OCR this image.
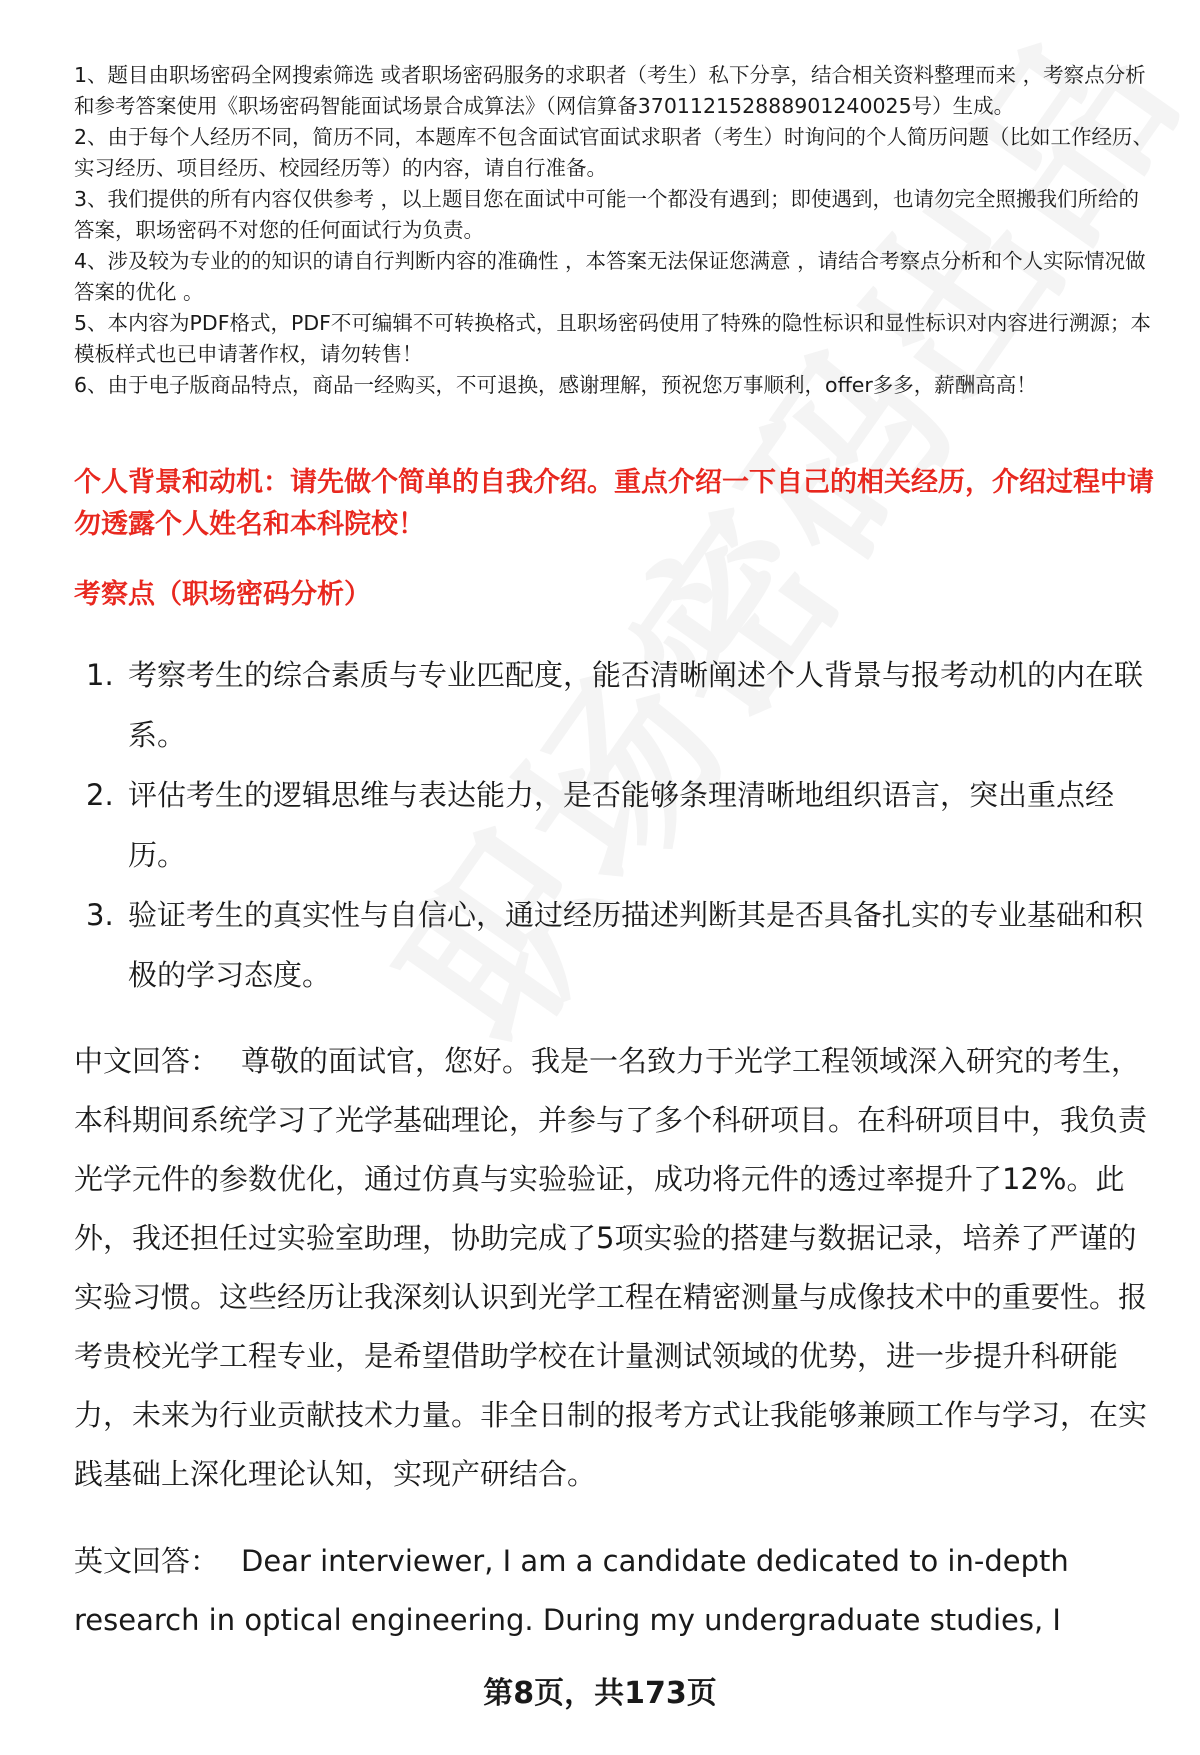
1、题目由职场密码全网搜索筛选 或者职场密码服务的求职者（考生）私下分享，结合相关资料整理而来 ，考察点分析和参考答案使用《职场密码智能面试场景合成算法》（网信算备370112152888901240025号）生成。

2、由于每个人经历不同，简历不同，本题库不包含面试官面试求职者（考生）时询问的个人简历问题（比如工作经历、实习经历、项目经历、校园经历等）的内容，请自行准备。

3、我们提供的所有内容仅供参考 ，以上题目您在面试中可能一个都没有遇到；即使遇到，也请勿完全照搬我们所给的答案，职场密码不对您的任何面试行为负责。

4、涉及较为专业的的知识的请自行判断内容的准确性 ，本答案无法保证您满意 ，请结合考察点分析和个人实际情况做答案的优化 。

5、本内容为PDF格式，PDF不可编辑不可转换格式，且职场密码使用了特殊的隐性标识和显性标识对内容进行溯源；本模板样式也已申请著作权，请勿转售！

6、由于电子版商品特点，商品一经购买，不可退换，感谢理解，预祝您万事顺利，offer多多，薪酬高高！

个人背景和动机：请先做个简单的自我介绍。重点介绍一下自己的相关经历，介绍过程中请勿透露个人姓名和本科院校！
考察点（职场密码分析）
1. 考察考生的综合素质与专业匹配度，能否清晰阐述个人背景与报考动机的内在联系。
2. 评估考生的逻辑思维与表达能力，是否能够条理清晰地组织语言，突出重点经历。
3. 验证考生的真实性与自信心，通过经历描述判断其是否具备扎实的专业基础和积极的学习态度。

中文回答： 尊敬的面试官，您好。我是一名致力于光学工程领域深入研究的考生，本科期间系统学习了光学基础理论，并参与了多个科研项目。在科研项目中，我负责光学元件的参数优化，通过仿真与实验验证，成功将元件的透过率提升了12%。此外，我还担任过实验室助理，协助完成了5项实验的搭建与数据记录，培养了严谨的实验习惯。这些经历让我深刻认识到光学工程在精密测量与成像技术中的重要性。报考贵校光学工程专业，是希望借助学校在计量测试领域的优势，进一步提升科研能力，未来为行业贡献技术力量。非全日制的报考方式让我能够兼顾工作与学习，在实践基础上深化理论认知，实现产研结合。

英文回答： Dear interviewer, I am a candidate dedicated to in-depth research in optical engineering. During my undergraduate studies, I

第8页，共173页
